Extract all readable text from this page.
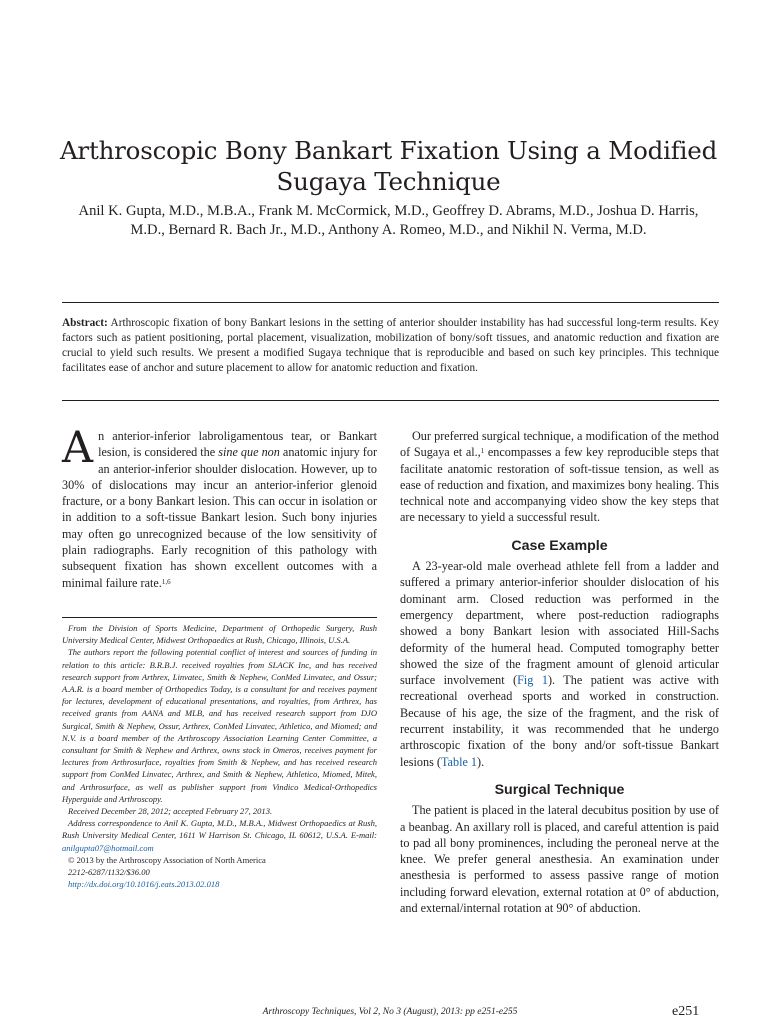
Arthroscopic Bony Bankart Fixation Using a Modified Sugaya Technique
Anil K. Gupta, M.D., M.B.A., Frank M. McCormick, M.D., Geoffrey D. Abrams, M.D., Joshua D. Harris, M.D., Bernard R. Bach Jr., M.D., Anthony A. Romeo, M.D., and Nikhil N. Verma, M.D.
Abstract: Arthroscopic fixation of bony Bankart lesions in the setting of anterior shoulder instability has had successful long-term results. Key factors such as patient positioning, portal placement, visualization, mobilization of bony/soft tissues, and anatomic reduction and fixation are crucial to yield such results. We present a modified Sugaya technique that is reproducible and based on such key principles. This technique facilitates ease of anchor and suture placement to allow for anatomic reduction and fixation.

An anterior-inferior labroligamentous tear, or Bankart lesion, is considered the sine que non anatomic injury for an anterior-inferior shoulder dislocation. However, up to 30% of dislocations may incur an anterior-inferior glenoid fracture, or a bony Bankart lesion. This can occur in isolation or in addition to a soft-tissue Bankart lesion. Such bony injuries may often go unrecognized because of the low sensitivity of plain radiographs. Early recognition of this pathology with subsequent fixation has shown excellent outcomes with a minimal failure rate.$^{1,6}$

From the Division of Sports Medicine, Department of Orthopedic Surgery, Rush University Medical Center, Midwest Orthopaedics at Rush, Chicago, Illinois, U.S.A.

The authors report the following potential conflict of interest and sources of funding in relation to this article: B.R.B.J. received royalties from SLACK Inc, and has received research support from Arthrex, Linvatec, Smith & Nephew, ConMed Linvatec, and Ossur; A.A.R. is a board member of Orthopedics Today, is a consultant for and receives payment for lectures, development of educational presentations, and royalties, from Arthrex, has received grants from AANA and MLB, and has received research support from DJO Surgical, Smith & Nephew, Ossur, Arthrex, ConMed Linvatec, Athletico, and Miomed; and N.V. is a board member of the Arthroscopy Association Learning Center Committee, a consultant for Smith & Nephew and Arthrex, owns stock in Omeros, receives payment for lectures from Arthrosurface, royalties from Smith & Nephew, and has received research support from ConMed Linvatec, Arthrex, and Smith & Nephew, Athletico, Miomed, Mitek, and Arthrosurface, as well as publisher support from Vindico Medical-Orthopedics Hyperguide and Arthroscopy.

Received December 28, 2012; accepted February 27, 2013.

Address correspondence to Anil K. Gupta, M.D., M.B.A., Midwest Orthopaedics at Rush, Rush University Medical Center, 1611 W Harrison St. Chicago, IL 60612, U.S.A. E-mail: anilgupta07@hotmail.com

© 2013 by the Arthroscopy Association of North America

2212-6287/1132/$36.00

http://dx.doi.org/10.1016/j.eats.2013.02.018

Our preferred surgical technique, a modification of the method of Sugaya et al.,$^1$ encompasses a few key reproducible steps that facilitate anatomic restoration of soft-tissue tension, as well as ease of reduction and fixation, and maximizes bony healing. This technical note and accompanying video show the key steps that are necessary to yield a successful result.

Case Example

A 23-year-old male overhead athlete fell from a ladder and suffered a primary anterior-inferior shoulder dislocation of his dominant arm. Closed reduction was performed in the emergency department, where post-reduction radiographs showed a bony Bankart lesion with associated Hill-Sachs deformity of the humeral head. Computed tomography better showed the size of the fragment amount of glenoid articular surface involvement (Fig 1). The patient was active with recreational overhead sports and worked in construction. Because of his age, the size of the fragment, and the risk of recurrent instability, it was recommended that he undergo arthroscopic fixation of the bony and/or soft-tissue Bankart lesions (Table 1).

Surgical Technique

The patient is placed in the lateral decubitus position by use of a beanbag. An axillary roll is placed, and careful attention is paid to pad all bony prominences, including the peroneal nerve at the knee. We prefer general anesthesia. An examination under anesthesia is performed to assess passive range of motion including forward elevation, external rotation at 0° of abduction, and external/internal rotation at 90° of abduction.

Arthroscopy Techniques, Vol 2, No 3 (August), 2013: pp e251-e255	e251
